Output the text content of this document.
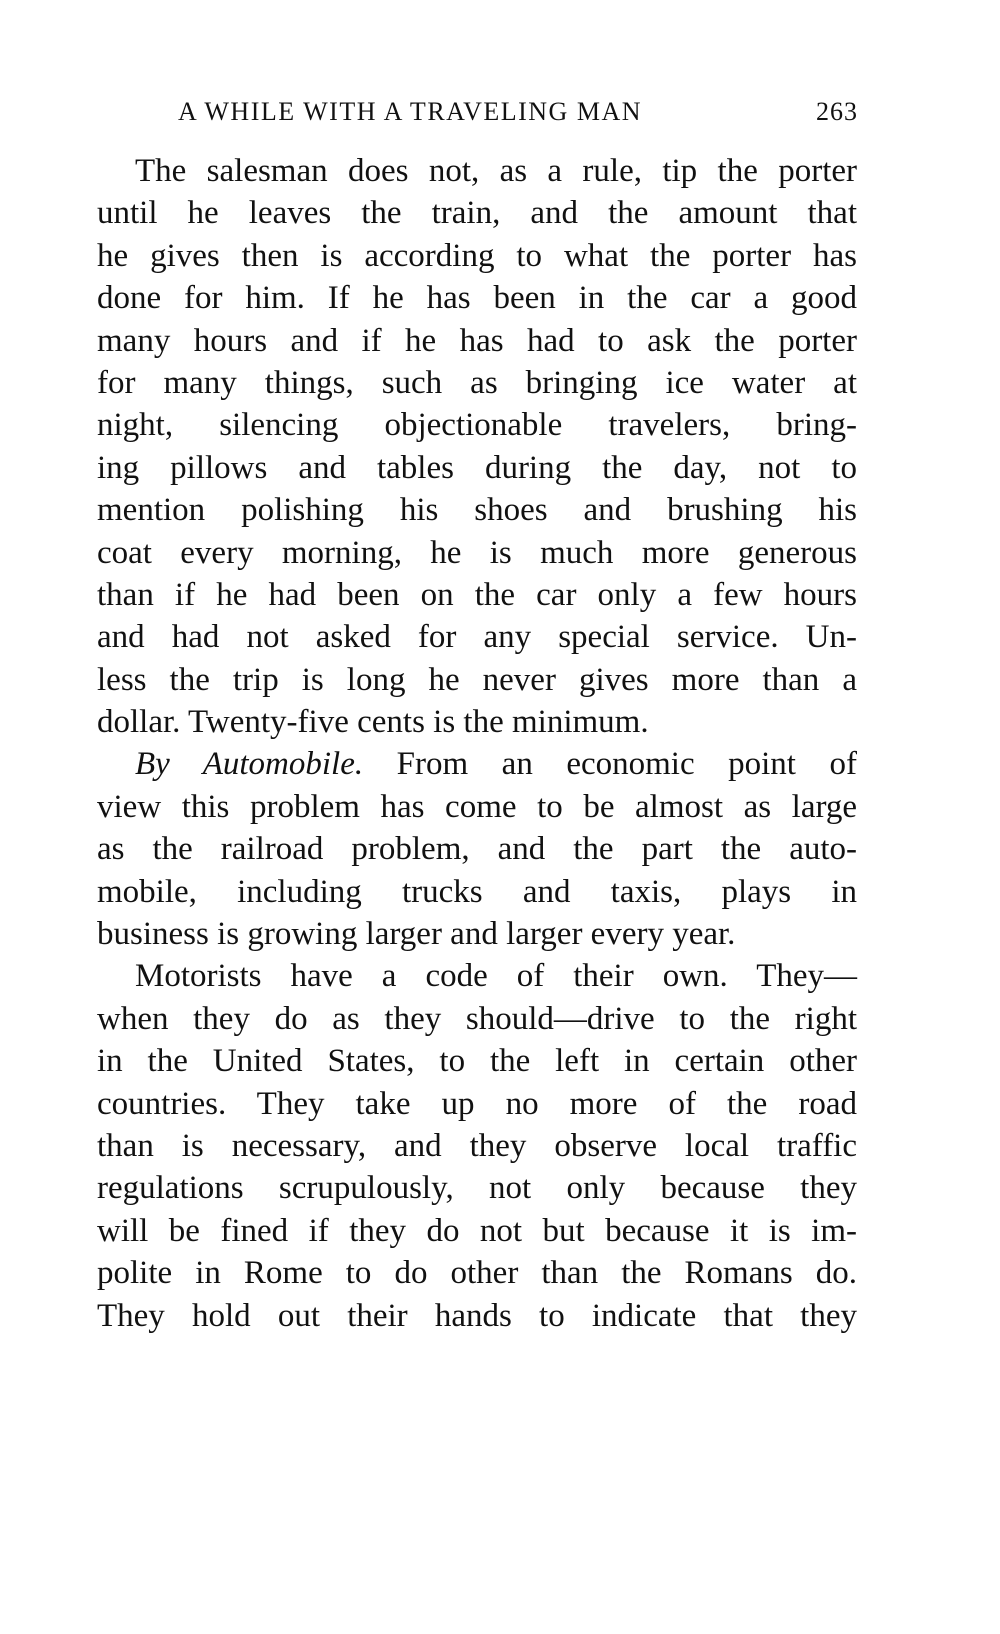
A WHILE WITH A TRAVELING MAN	263
The salesman does not, as a rule, tip the porter
until he leaves the train, and the amount that
he gives then is according to what the porter has
done for him. If he has been in the car a good
many hours and if he has had to ask the porter
for many things, such as bringing ice water at
night, silencing objectionable travelers, bring-
ing pillows and tables during the day, not to
mention polishing his shoes and brushing his
coat every morning, he is much more generous
than if he had been on the car only a few hours
and had not asked for any special service. Un-
less the trip is long he never gives more than a
dollar. Twenty-five cents is the minimum.
By Automobile. From an economic point of
view this problem has come to be almost as large
as the railroad problem, and the part the auto-
mobile, including trucks and taxis, plays in
business is growing larger and larger every year.
Motorists have a code of their own. They—
when they do as they should—drive to the right
in the United States, to the left in certain other
countries. They take up no more of the road
than is necessary, and they observe local traffic
regulations scrupulously, not only because they
will be fined if they do not but because it is im-
polite in Rome to do other than the Romans do.
They hold out their hands to indicate that they
